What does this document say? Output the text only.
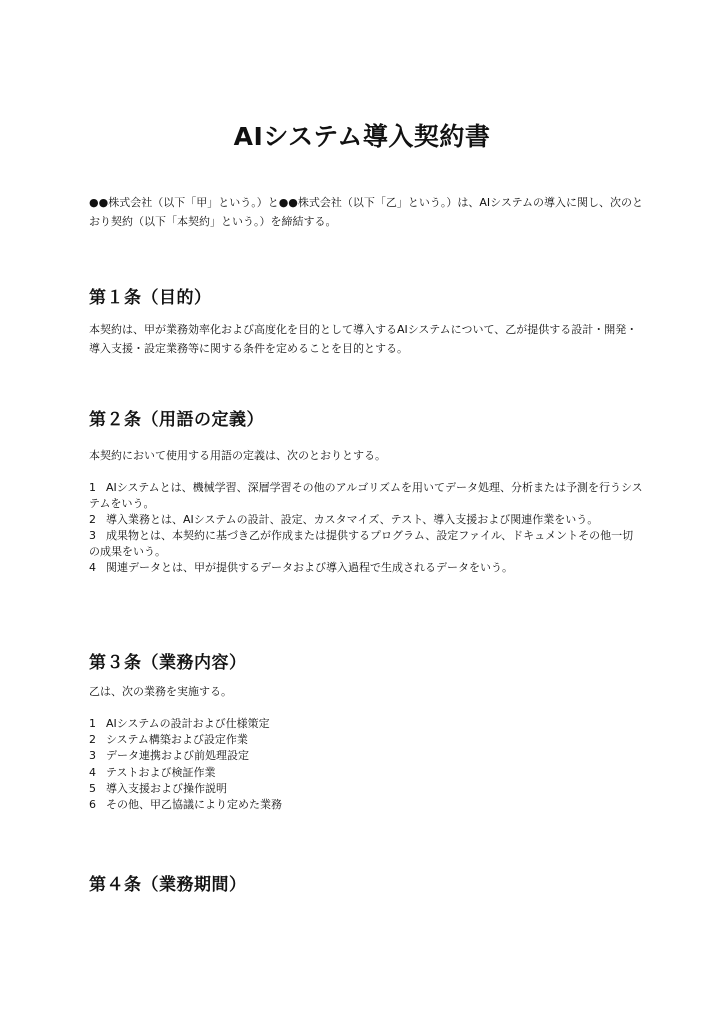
AIシステム導入契約書

●●株式会社（以下「甲」という。）と●●株式会社（以下「乙」という。）は、AIシステムの導入に関し、次のとおり契約（以下「本契約」という。）を締結する。

第１条（目的）

本契約は、甲が業務効率化および高度化を目的として導入するAIシステムについて、乙が提供する設計・開発・導入支援・設定業務等に関する条件を定めることを目的とする。

第２条（用語の定義）

本契約において使用する用語の定義は、次のとおりとする。

1 AIシステムとは、機械学習、深層学習その他のアルゴリズムを用いてデータ処理、分析または予測を行うシステムをいう。
2 導入業務とは、AIシステムの設計、設定、カスタマイズ、テスト、導入支援および関連作業をいう。
3 成果物とは、本契約に基づき乙が作成または提供するプログラム、設定ファイル、ドキュメントその他一切の成果をいう。
4 関連データとは、甲が提供するデータおよび導入過程で生成されるデータをいう。
第３条（業務内容）

乙は、次の業務を実施する。

1 AIシステムの設計および仕様策定
2 システム構築および設定作業
3 データ連携および前処理設定
4 テストおよび検証作業
5 導入支援および操作説明
6 その他、甲乙協議により定めた業務
第４条（業務期間）
